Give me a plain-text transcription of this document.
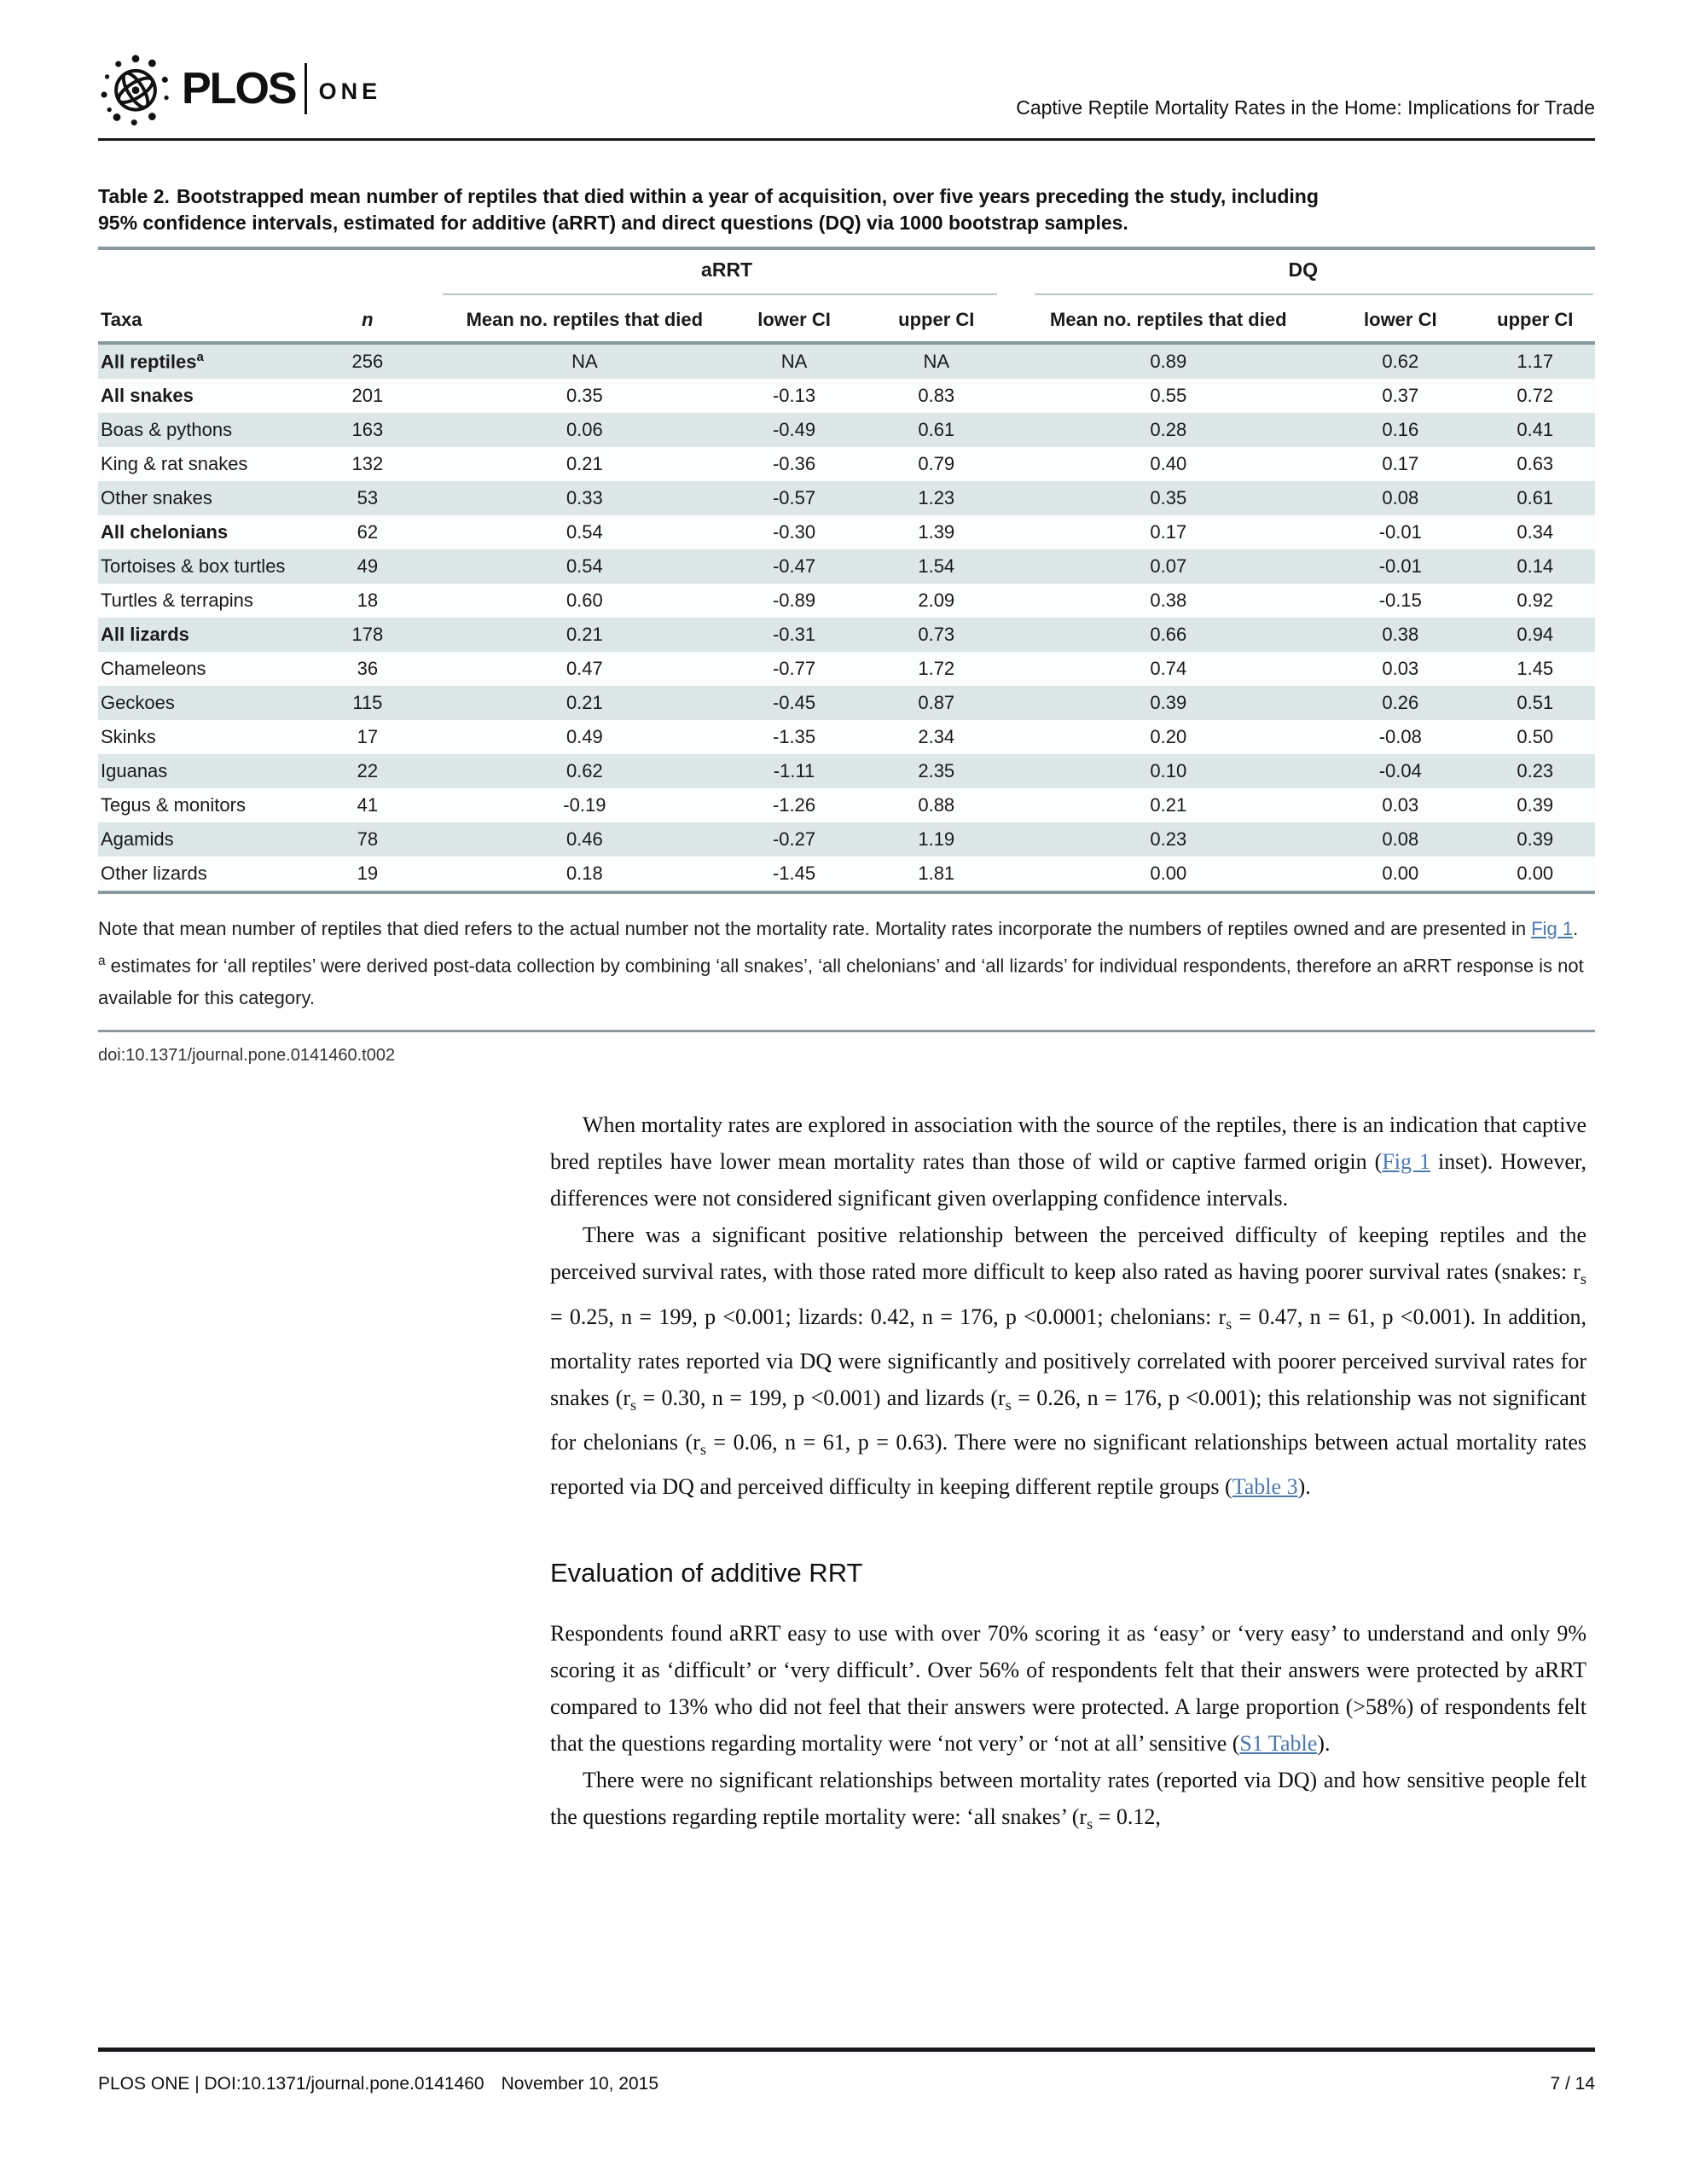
PLOS ONE
Captive Reptile Mortality Rates in the Home: Implications for Trade

Table 2. Bootstrapped mean number of reptiles that died within a year of acquisition, over five years preceding the study, including 95% confidence intervals, estimated for additive (aRRT) and direct questions (DQ) via 1000 bootstrap samples.

aRRT	DQ
Taxa	n	Mean no. reptiles that died	lower CI	upper CI	Mean no. reptiles that died	lower CI	upper CI
All reptiles$^a$	256	NA	NA	NA	0.89	0.62	1.17
All snakes	201	0.35	-0.13	0.83	0.55	0.37	0.72
Boas & pythons	163	0.06	-0.49	0.61	0.28	0.16	0.41
King & rat snakes	132	0.21	-0.36	0.79	0.40	0.17	0.63
Other snakes	53	0.33	-0.57	1.23	0.35	0.08	0.61
All chelonians	62	0.54	-0.30	1.39	0.17	-0.01	0.34
Tortoises & box turtles	49	0.54	-0.47	1.54	0.07	-0.01	0.14
Turtles & terrapins	18	0.60	-0.89	2.09	0.38	-0.15	0.92
All lizards	178	0.21	-0.31	0.73	0.66	0.38	0.94
Chameleons	36	0.47	-0.77	1.72	0.74	0.03	1.45
Geckoes	115	0.21	-0.45	0.87	0.39	0.26	0.51
Skinks	17	0.49	-1.35	2.34	0.20	-0.08	0.50
Iguanas	22	0.62	-1.11	2.35	0.10	-0.04	0.23
Tegus & monitors	41	-0.19	-1.26	0.88	0.21	0.03	0.39
Agamids	78	0.46	-0.27	1.19	0.23	0.08	0.39
Other lizards	19	0.18	-1.45	1.81	0.00	0.00	0.00

Note that mean number of reptiles that died refers to the actual number not the mortality rate. Mortality rates incorporate the numbers of reptiles owned and are presented in Fig 1.

$^a$ estimates for ‘all reptiles’ were derived post-data collection by combining ‘all snakes’, ‘all chelonians’ and ‘all lizards’ for individual respondents, therefore an aRRT response is not available for this category.

doi:10.1371/journal.pone.0141460.t002

When mortality rates are explored in association with the source of the reptiles, there is an indication that captive bred reptiles have lower mean mortality rates than those of wild or captive farmed origin (Fig 1 inset). However, differences were not considered significant given overlapping confidence intervals.

There was a significant positive relationship between the perceived difficulty of keeping reptiles and the perceived survival rates, with those rated more difficult to keep also rated as having poorer survival rates (snakes: $r_s = 0.25$, n = 199, p <0.001; lizards: 0.42, n = 176, p <0.0001; chelonians: $r_s = 0.47$, n = 61, p <0.001). In addition, mortality rates reported via DQ were significantly and positively correlated with poorer perceived survival rates for snakes ($r_s = 0.30$, n = 199, p <0.001) and lizards ($r_s = 0.26$, n = 176, p <0.001); this relationship was not significant for chelonians ($r_s = 0.06$, n = 61, p = 0.63). There were no significant relationships between actual mortality rates reported via DQ and perceived difficulty in keeping different reptile groups (Table 3).

Evaluation of additive RRT

Respondents found aRRT easy to use with over 70% scoring it as ‘easy’ or ‘very easy’ to understand and only 9% scoring it as ‘difficult’ or ‘very difficult’. Over 56% of respondents felt that their answers were protected by aRRT compared to 13% who did not feel that their answers were protected. A large proportion (>58%) of respondents felt that the questions regarding mortality were ‘not very’ or ‘not at all’ sensitive (S1 Table).

There were no significant relationships between mortality rates (reported via DQ) and how sensitive people felt the questions regarding reptile mortality were: ‘all snakes’ ($r_s = 0.12$,

PLOS ONE | DOI:10.1371/journal.pone.0141460 November 10, 2015	7 / 14
